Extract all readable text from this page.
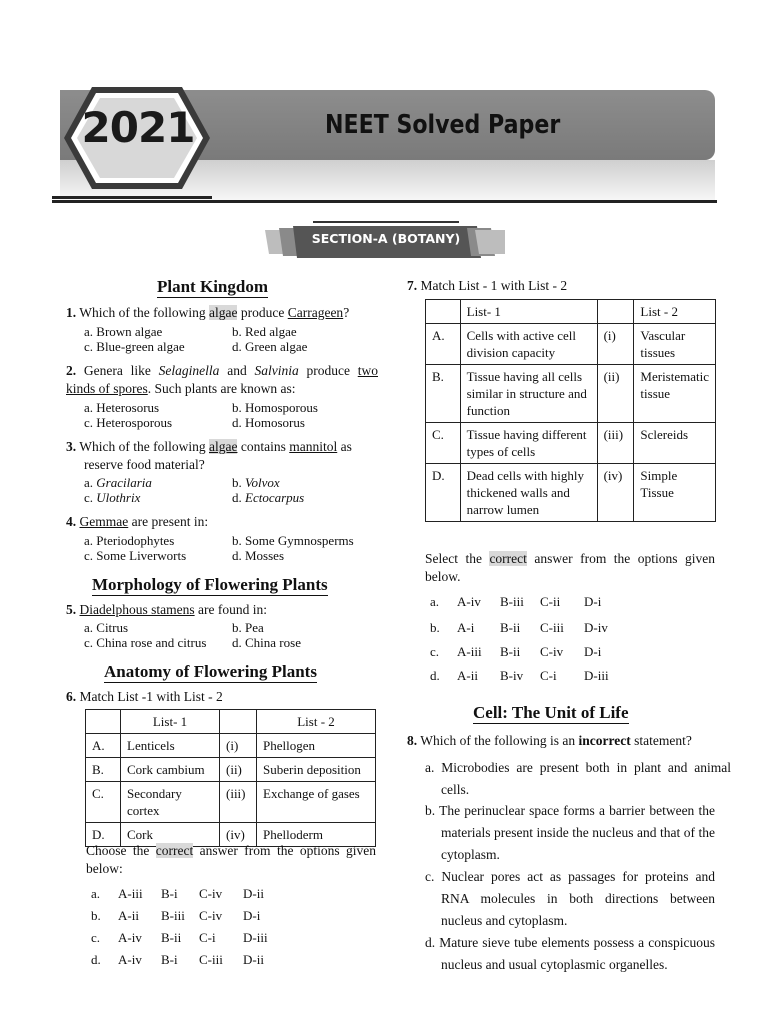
2021	NEET Solved Paper
SECTION-A (BOTANY)
Plant Kingdom
1. Which of the following algae produce Carrageen?
a. Brown algae	b. Red algae
c. Blue-green algae	d. Green algae
2. Genera like Selaginella and Salvinia produce two kinds of spores. Such plants are known as:
a. Heterosorus	b. Homosporous
c. Heterosporous	d. Homosorus
3. Which of the following algae contains mannitol as
reserve food material?
a. Gracilaria	b. Volvox
c. Ulothrix	d. Ectocarpus
4. Gemmae are present in:
a. Pteriodophytes	b. Some Gymnosperms
c. Some Liverworts	d. Mosses
Morphology of Flowering Plants
5. Diadelphous stamens are found in:
a. Citrus	b. Pea
c. China rose and citrus d. China rose
Anatomy of Flowering Plants
6. Match List -1 with List - 2
	List- 1		List - 2
A.	Lenticels	(i)	Phellogen
B.	Cork cambium	(ii)	Suberin deposition
C.	Secondary cortex	(iii)	Exchange of gases
D.	Cork	(iv)	Phelloderm
Choose the correct answer from the options given below:
a. A-iii B-i C-iv D-ii
b. A-ii B-iii C-iv D-i
c. A-iv B-ii C-i D-iii
d. A-iv B-i C-iii D-ii
7. Match List - 1 with List - 2
	List- 1		List - 2
A.	Cells with active cell division capacity	(i)	Vascular tissues
B.	Tissue having all cells similar in structure and function	(ii)	Meristematic tissue
C.	Tissue having different types of cells	(iii)	Sclereids
D.	Dead cells with highly thickened walls and narrow lumen	(iv)	Simple Tissue
Select the correct answer from the options given below.
a. A-iv B-iii C-ii D-i
b. A-i B-ii C-iii D-iv
c. A-iii B-ii C-iv D-i
d. A-ii B-iv C-i D-iii
Cell: The Unit of Life
8. Which of the following is an incorrect statement?
a. Microbodies are present both in plant and animal cells.
b. The perinuclear space forms a barrier between the materials present inside the nucleus and that of the cytoplasm.
c. Nuclear pores act as passages for proteins and RNA molecules in both directions between nucleus and cytoplasm.
d. Mature sieve tube elements possess a conspicuous nucleus and usual cytoplasmic organelles.
